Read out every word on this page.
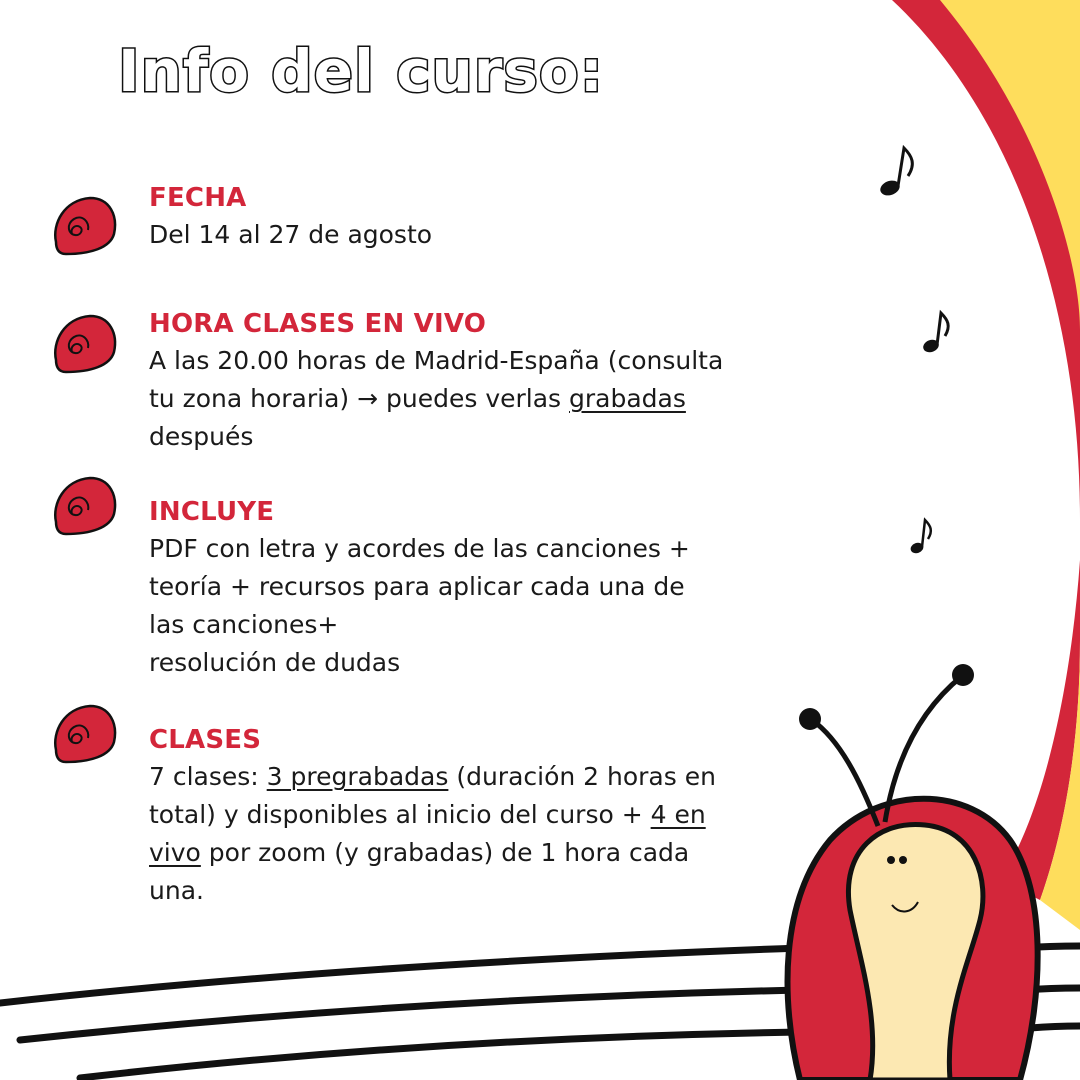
Info del curso:
FECHA

Del 14 al 27 de agosto

HORA CLASES EN VIVO

A las 20.00 horas de Madrid-España (consulta
tu zona horaria) → puedes verlas grabadas
después

INCLUYE

PDF con letra y acordes de las canciones +
teoría + recursos para aplicar cada una de
las canciones+
resolución de dudas

CLASES

7 clases: 3 pregrabadas (duración 2 horas en
total) y disponibles al inicio del curso + 4 en
vivo por zoom (y grabadas) de 1 hora cada
una.
